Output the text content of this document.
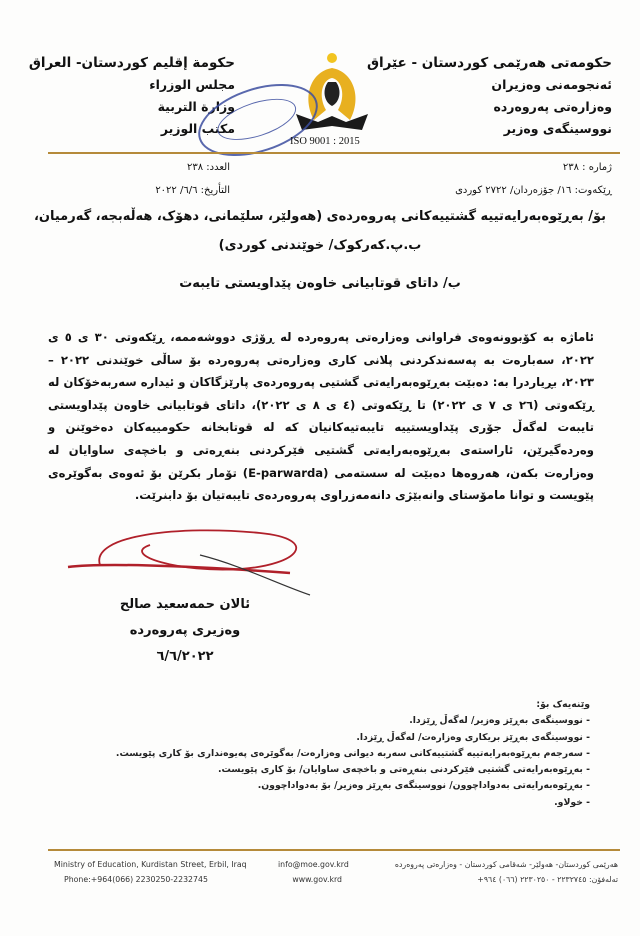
حکومەتی هەرێمی کوردستان - عێراق
ئەنجومەنی وەزیران
وەزارەتی پەروەردە
نووسینگەی وەزیر
حكومة إقليم كوردستان- العراق
مجلس الوزراء
وزارة التربية
مكتب الوزير
ISO 9001 : 2015
ژمارە : ٢٣٨
ڕێکەوت: ١٦/ جۆزەردان/ ٢٧٢٢ کوردی
العدد: ٢٣٨
التأريخ: ٦/٦/ ٢٠٢٢
بۆ/ بەڕێوەبەرایەتییە گشتییەکانی پەروەردەی (هەولێر، سلێمانی، دهۆک، هەڵەبجە، گەرمیان،
ب.پ.کەرکوک/ خوێندنی کوردی)
ب/ داتای قوتابیانی خاوەن پێداویستی تایبەت
ئاماژە بە کۆبوونەوەی فراوانی وەزارەتی پەروەردە لە ڕۆژی دووشەممە، ڕێکەوتی ٣٠ ی ٥ ی ٢٠٢٢، سەبارەت بە پەسەندکردنی پلانی کاری وەزارەتی پەروەردە بۆ ساڵی خوێندنی ٢٠٢٢ – ٢٠٢٣، بڕیاردرا بە: دەبێت بەڕێوەبەرایەتی گشتیی پەروەردەی پارێزگاکان و ئیدارە سەربەخۆکان لە ڕێکەوتی (٢٦ ی ٧ ی ٢٠٢٢) تا ڕێکەوتی (٤ ی ٨ ی ٢٠٢٢)، داتای قوتابیانی خاوەن پێداویستی تایبەت لەگەڵ جۆری پێداویستییە تایبەتیەکانیان کە لە قوتابخانە حکومییەکان دەخوێنن و وەردەگیرێن، ئاراستەی بەڕێوەبەرایەتی گشتیی فێرکردنی بنەڕەتی و باخچەی ساوایان لە وەزارەت بکەن، هەروەها دەبێت لە سستەمی (E-parwarda) تۆمار بکرێن بۆ ئەوەی بەگوێرەی پێویست و توانا مامۆستای وانەبێژی دانەمەزراوی پەروەردەی تایبەتیان بۆ دابنرێت.
ئالان حمەسعید صالح
وەزیری پەروەردە
٦/٦/٢٠٢٢
وێنەیەک بۆ:
- نووسینگەی بەڕێز وەزیر/ لەگەڵ ڕێزدا.
- نووسینگەی بەڕێز بریکاری وەزارەت/ لەگەڵ ڕێزدا.
- سەرجەم بەڕێوەبەرایەتییە گشتییەکانی سەربە دیوانی وەزارەت/ بەگوێرەی پەیوەنداری بۆ کاری پێویست.
- بەڕێوەبەرایەتی گشتیی فێرکردنی بنەڕەتی و باخچەی ساوایان/ بۆ کاری پێویست.
- بەڕێوەبەرایەتی بەدواداچوون/ نووسینگەی بەڕێز وەزیر/ بۆ بەدواداچوون.
- خولاو.
Ministry of Education, Kurdistan Street, Erbil, Iraq
Phone:+964(066) 2230250-2232745
info@moe.gov.krd
www.gov.krd
هەرێمی کوردستان- هەولێر- شەقامی کوردستان - وەزارەتی پەروەردە
تەلەفۆن: ٢٢٣٢٧٤٥ - ٢٢٣٠٢٥٠ (٠٦٦) ٩٦٤+
